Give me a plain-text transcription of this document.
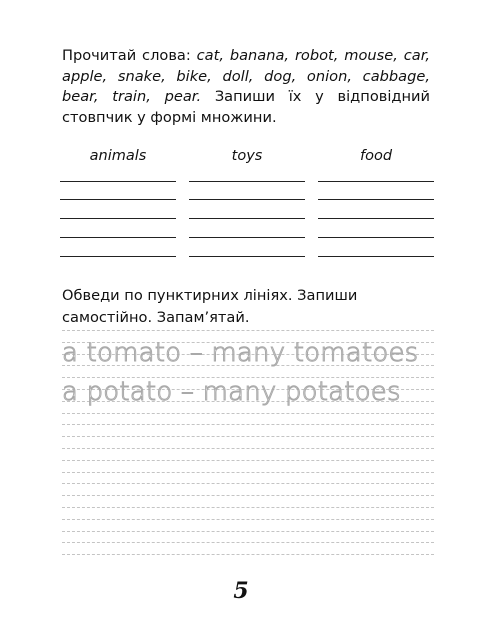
Прочитай слова: cat, banana, robot, mouse, car, apple, snake, bike, doll, dog, onion, cabbage, bear, train, pear. Запиши їх у відповідний стовпчик у формі множини.

animals	toys	food

Обведи по пунктирних лініях. Запиши самостійно. Запам’ятай.

a tomato – many tomatoes
a potato – many potatoes
5
